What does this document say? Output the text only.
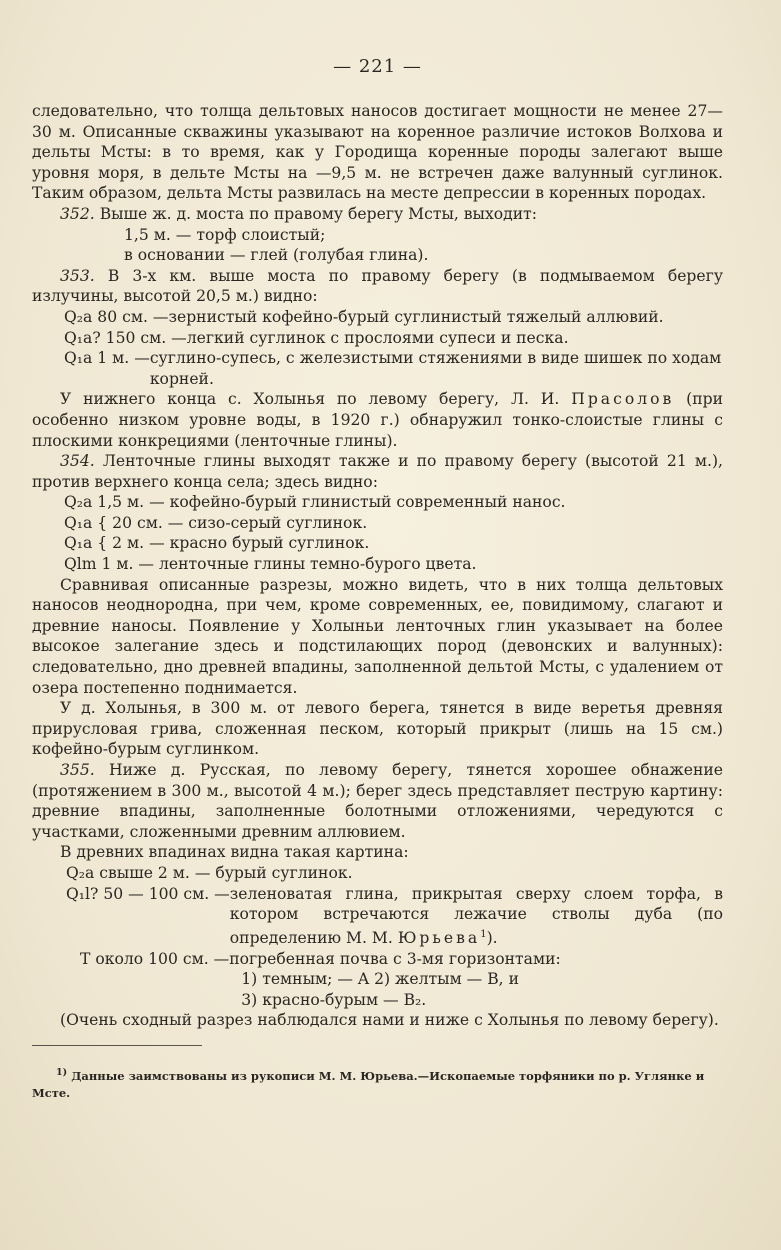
— 221 —

следовательно, что толща дельтовых наносов достигает мощности не менее 27—30 м. Описанные скважины указывают на коренное различие истоков Волхова и дельты Мсты: в то время, как у Городища коренные породы залегают выше уровня моря, в дельте Мсты на —9,5 м. не встречен даже валунный суглинок. Таким образом, дельта Мсты развилась на месте депрессии в коренных породах.

352. Выше ж. д. моста по правому берегу Мсты, выходит:

1,5 м. — торф слоистый;

в основании — глей (голубая глина).

353. В 3-х км. выше моста по правому берегу (в подмываемом берегу излучины, высотой 20,5 м.) видно:

Q₂a 80 см. — зернистый кофейно-бурый суглинистый тяжелый аллювий.
Q₁a? 150 см. — легкий суглинок с прослоями супеси и песка.
Q₁a 1 м. — суглино-супесь, с железистыми стяжениями в виде шишек по ходам корней.

У нижнего конца с. Холынья по левому берегу, Л. И. Прасолов (при особенно низком уровне воды, в 1920 г.) обнаружил тонко-слоистые глины с плоскими конкрециями (ленточные глины).

354. Ленточные глины выходят также и по правому берегу (высотой 21 м.), против верхнего конца села; здесь видно:

Q₂a 1,5 м. — кофейно-бурый глинистый современный нанос.

Q₁a { 20 см. — сизо-серый суглинок.

Q₁a { 2 м. — красно бурый суглинок.

Qlm 1 м. — ленточные глины темно-бурого цвета.

Сравнивая описанные разрезы, можно видеть, что в них толща дельтовых наносов неоднородна, при чем, кроме современных, ее, повидимому, слагают и древние наносы. Появление у Холыньи ленточных глин указывает на более высокое залегание здесь и подстилающих пород (девонских и валунных): следовательно, дно древней впадины, заполненной дельтой Мсты, с удалением от озера постепенно поднимается.

У д. Холынья, в 300 м. от левого берега, тянется в виде веретья древняя прирусловая грива, сложенная песком, который прикрыт (лишь на 15 см.) кофейно-бурым суглинком.

355. Ниже д. Русская, по левому берегу, тянется хорошее обнажение (протяжением в 300 м., высотой 4 м.); берег здесь представляет пеструю картину: древние впадины, заполненные болотными отложениями, чередуются с участками, сложенными древним аллювием.

В древних впадинах видна такая картина:

Q₂a свыше 2 м. — бурый суглинок.

Q₁l? 50 — 100 см. — зеленоватая глина, прикрытая сверху слоем торфа, в котором встречаются лежачие стволы дуба (по определению М. М. Юрьева$^1$).
T около 100 см. — погребенная почва с 3-мя горизонтами:
1) темным; — A 2) желтым — B, и
3) красно-бурым — B₂.

(Очень сходный разрез наблюдался нами и ниже с Холынья по левому берегу).

$^{1)}$ Данные заимствованы из рукописи М. М. Юрьева.—Ископаемые торфяники по р. Углянке и Мсте.
